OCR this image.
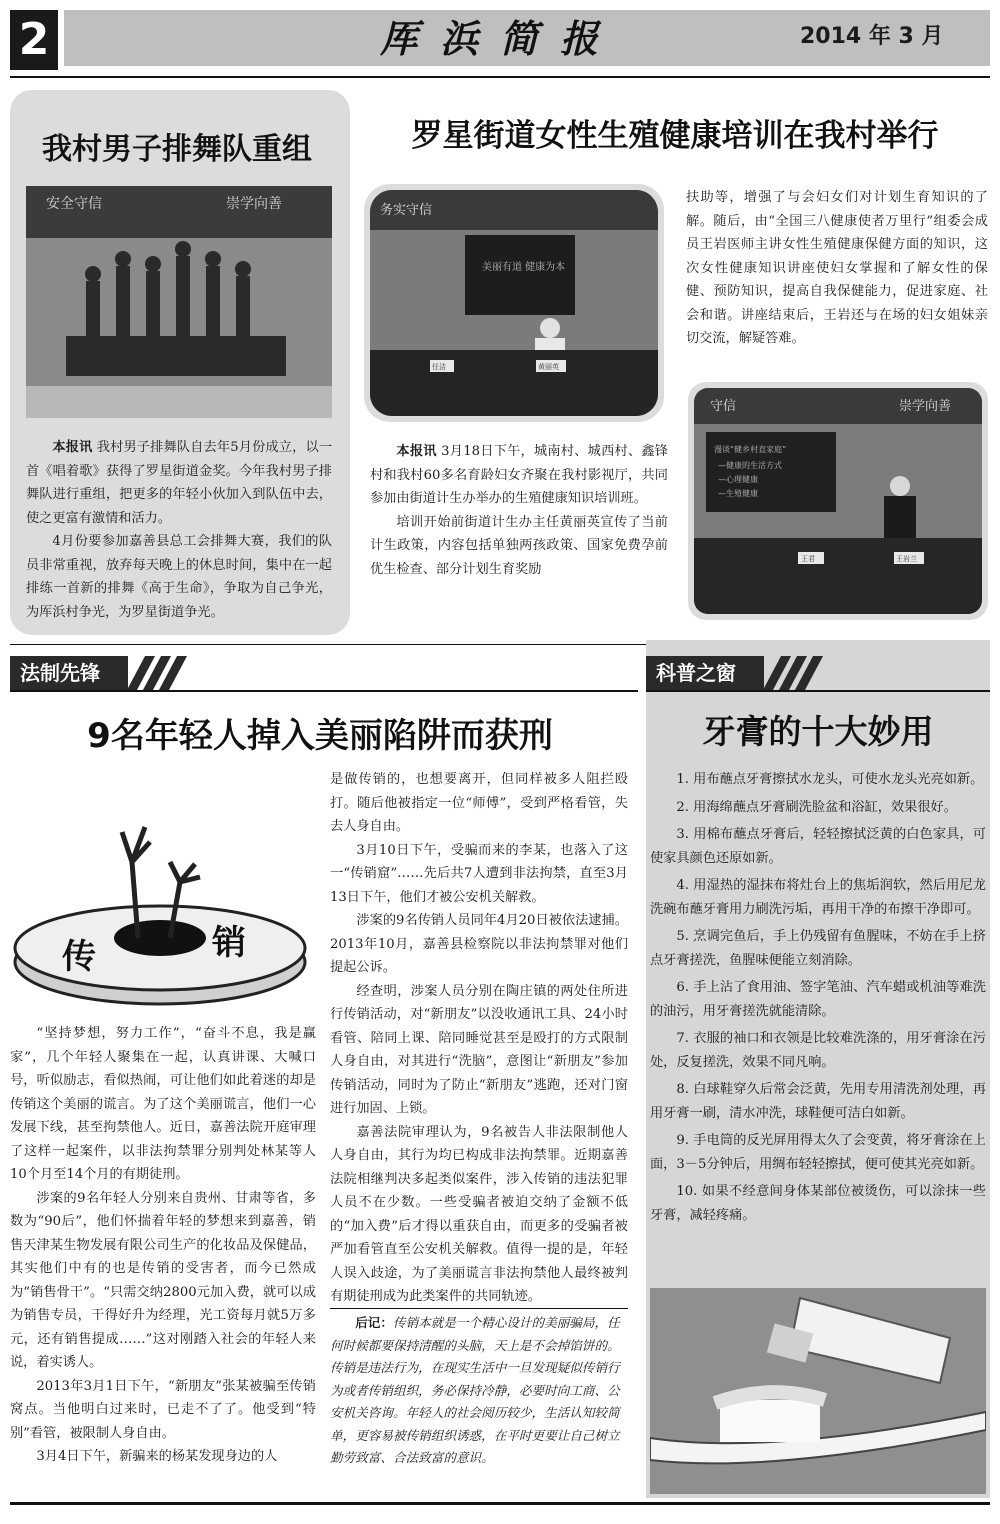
2	厍浜简报	2014 年 3 月
我村男子排舞队重组
安全守信	崇学向善

本报讯 我村男子排舞队自去年5月份成立，以一首《唱着歌》获得了罗星街道金奖。今年我村男子排舞队进行重组，把更多的年轻小伙加入到队伍中去，使之更富有激情和活力。

4月份要参加嘉善县总工会排舞大赛，我们的队员非常重视，放弃每天晚上的休息时间，集中在一起排练一首新的排舞《高于生命》，争取为自己争光，为厍浜村争光，为罗星街道争光。

罗星街道女性生殖健康培训在我村举行
务实守信
美丽有道 健康为本
任洁	黄丽英

本报讯 3月18日下午，城南村、城西村、鑫锋村和我村60多名育龄妇女齐聚在我村影视厅，共同参加由街道计生办举办的生殖健康知识培训班。

培训开始前街道计生办主任黄丽英宣传了当前计生政策，内容包括单独两孩政策、国家免费孕前优生检查、部分计划生育奖励

扶助等，增强了与会妇女们对计划生育知识的了解。随后，由“全国三八健康使者万里行”组委会成员王岩医师主讲女性生殖健康保健方面的知识，这次女性健康知识讲座使妇女掌握和了解女性的保健、预防知识，提高自我保健能力，促进家庭、社会和谐。讲座结束后，王岩还与在场的妇女姐妹亲切交流，解疑答难。

守信	崇学向善
漫谈“健乡村直家庭”
—健康的生活方式
—心理健康
—生殖健康
王君	王岩兰
法制先锋
9名年轻人掉入美丽陷阱而获刑
传	销

“坚持梦想，努力工作”，“奋斗不息，我是赢家”，几个年轻人聚集在一起，认真讲课、大喊口号，听似励志，看似热闹，可让他们如此着迷的却是传销这个美丽的谎言。为了这个美丽谎言，他们一心发展下线，甚至拘禁他人。近日，嘉善法院开庭审理了这样一起案件，以非法拘禁罪分别判处林某等人10个月至14个月的有期徒刑。

涉案的9名年轻人分别来自贵州、甘肃等省，多数为“90后”，他们怀揣着年轻的梦想来到嘉善，销售天津某生物发展有限公司生产的化妆品及保健品，其实他们中有的也是传销的受害者，而今已然成为“销售骨干”。“只需交纳2800元加入费，就可以成为销售专员，干得好升为经理，光工资每月就5万多元，还有销售提成……”这对刚踏入社会的年轻人来说，着实诱人。

2013年3月1日下午，“新朋友”张某被骗至传销窝点。当他明白过来时，已走不了了。他受到“特别”看管，被限制人身自由。

3月4日下午，新骗来的杨某发现身边的人

是做传销的，也想要离开，但同样被多人阻拦殴打。随后他被指定一位“师傅”，受到严格看管，失去人身自由。

3月10日下午，受骗而来的李某，也落入了这一“传销窟”……先后共7人遭到非法拘禁，直至3月13日下午，他们才被公安机关解救。

涉案的9名传销人员同年4月20日被依法逮捕。2013年10月，嘉善县检察院以非法拘禁罪对他们提起公诉。

经查明，涉案人员分别在陶庄镇的两处住所进行传销活动，对“新朋友”以没收通讯工具、24小时看管、陪同上课、陪同睡觉甚至是殴打的方式限制人身自由，对其进行“洗脑”，意图让“新朋友”参加传销活动，同时为了防止“新朋友”逃跑，还对门窗进行加固、上锁。

嘉善法院审理认为，9名被告人非法限制他人人身自由，其行为均已构成非法拘禁罪。近期嘉善法院相继判决多起类似案件，涉入传销的违法犯罪人员不在少数。一些受骗者被迫交纳了金额不低的“加入费”后才得以重获自由，而更多的受骗者被严加看管直至公安机关解救。值得一提的是，年轻人误入歧途，为了美丽谎言非法拘禁他人最终被判有期徒刑成为此类案件的共同轨迹。

后记：传销本就是一个精心设计的美丽骗局，任何时候都要保持清醒的头脑，天上是不会掉馅饼的。传销是违法行为，在现实生活中一旦发现疑似传销行为或者传销组织，务必保持冷静，必要时向工商、公安机关咨询。年轻人的社会阅历较少，生活认知较简单，更容易被传销组织诱惑，在平时更要让自己树立勤劳致富、合法致富的意识。

科普之窗
牙膏的十大妙用

1. 用布蘸点牙膏擦拭水龙头，可使水龙头光亮如新。

2. 用海绵蘸点牙膏刷洗脸盆和浴缸，效果很好。

3. 用棉布蘸点牙膏后，轻轻擦拭泛黄的白色家具，可使家具颜色还原如新。

4. 用湿热的湿抹布将灶台上的焦垢润软，然后用尼龙洗碗布蘸牙膏用力刷洗污垢，再用干净的布擦干净即可。

5. 烹调完鱼后，手上仍残留有鱼腥味，不妨在手上挤点牙膏搓洗，鱼腥味便能立刻消除。

6. 手上沾了食用油、签字笔油、汽车蜡或机油等难洗的油污，用牙膏搓洗就能清除。

7. 衣服的袖口和衣领是比较难洗涤的，用牙膏涂在污处，反复搓洗，效果不同凡响。

8. 白球鞋穿久后常会泛黄，先用专用清洗剂处理，再用牙膏一刷，清水冲洗，球鞋便可洁白如新。

9. 手电筒的反光屏用得太久了会变黄，将牙膏涂在上面，3－5分钟后，用绸布轻轻擦拭，便可使其光亮如新。

10. 如果不经意间身体某部位被烫伤，可以涂抹一些牙膏，减轻疼痛。
